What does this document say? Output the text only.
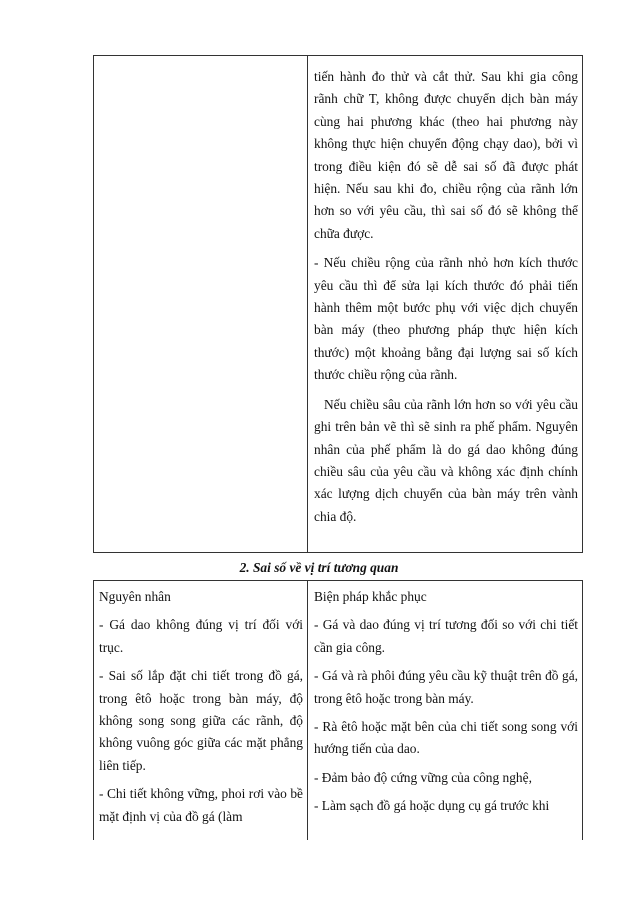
tiến hành đo thử và cắt thử. Sau khi gia công rãnh chữ T, không được chuyển dịch bàn máy cùng hai phương khác (theo hai phương này không thực hiện chuyển động chạy dao), bởi vì trong điều kiện đó sẽ dễ sai số đã được phát hiện. Nếu sau khi đo, chiều rộng của rãnh lớn hơn so với yêu cầu, thì sai số đó sẽ không thể chữa được.

- Nếu chiều rộng của rãnh nhỏ hơn kích thước yêu cầu thì để sửa lại kích thước đó phải tiến hành thêm một bước phụ với việc dịch chuyển bàn máy (theo phương pháp thực hiện kích thước) một khoảng bằng đại lượng sai số kích thước chiều rộng của rãnh.

Nếu chiều sâu của rãnh lớn hơn so với yêu cầu ghi trên bản vẽ thì sẽ sinh ra phế phẩm. Nguyên nhân của phế phẩm là do gá dao không đúng chiều sâu của yêu cầu và không xác định chính xác lượng dịch chuyển của bàn máy trên vành chia độ.

2. Sai số về vị trí tương quan

Nguyên nhân

- Gá dao không đúng vị trí đối với trục.

- Sai số lắp đặt chi tiết trong đồ gá, trong êtô hoặc trong bàn máy, độ không song song giữa các rãnh, độ không vuông góc giữa các mặt phẳng liên tiếp.

- Chi tiết không vững, phoi rơi vào bề mặt định vị của đồ gá (làm

Biện pháp khắc phục

- Gá và dao đúng vị trí tương đối so với chi tiết cần gia công.

- Gá và rà phôi đúng yêu cầu kỹ thuật trên đồ gá, trong êtô hoặc trong bàn máy.

- Rà êtô hoặc mặt bên của chi tiết song song với hướng tiến của dao.

- Đảm bảo độ cứng vững của công nghệ,

- Làm sạch đồ gá hoặc dụng cụ gá trước khi
